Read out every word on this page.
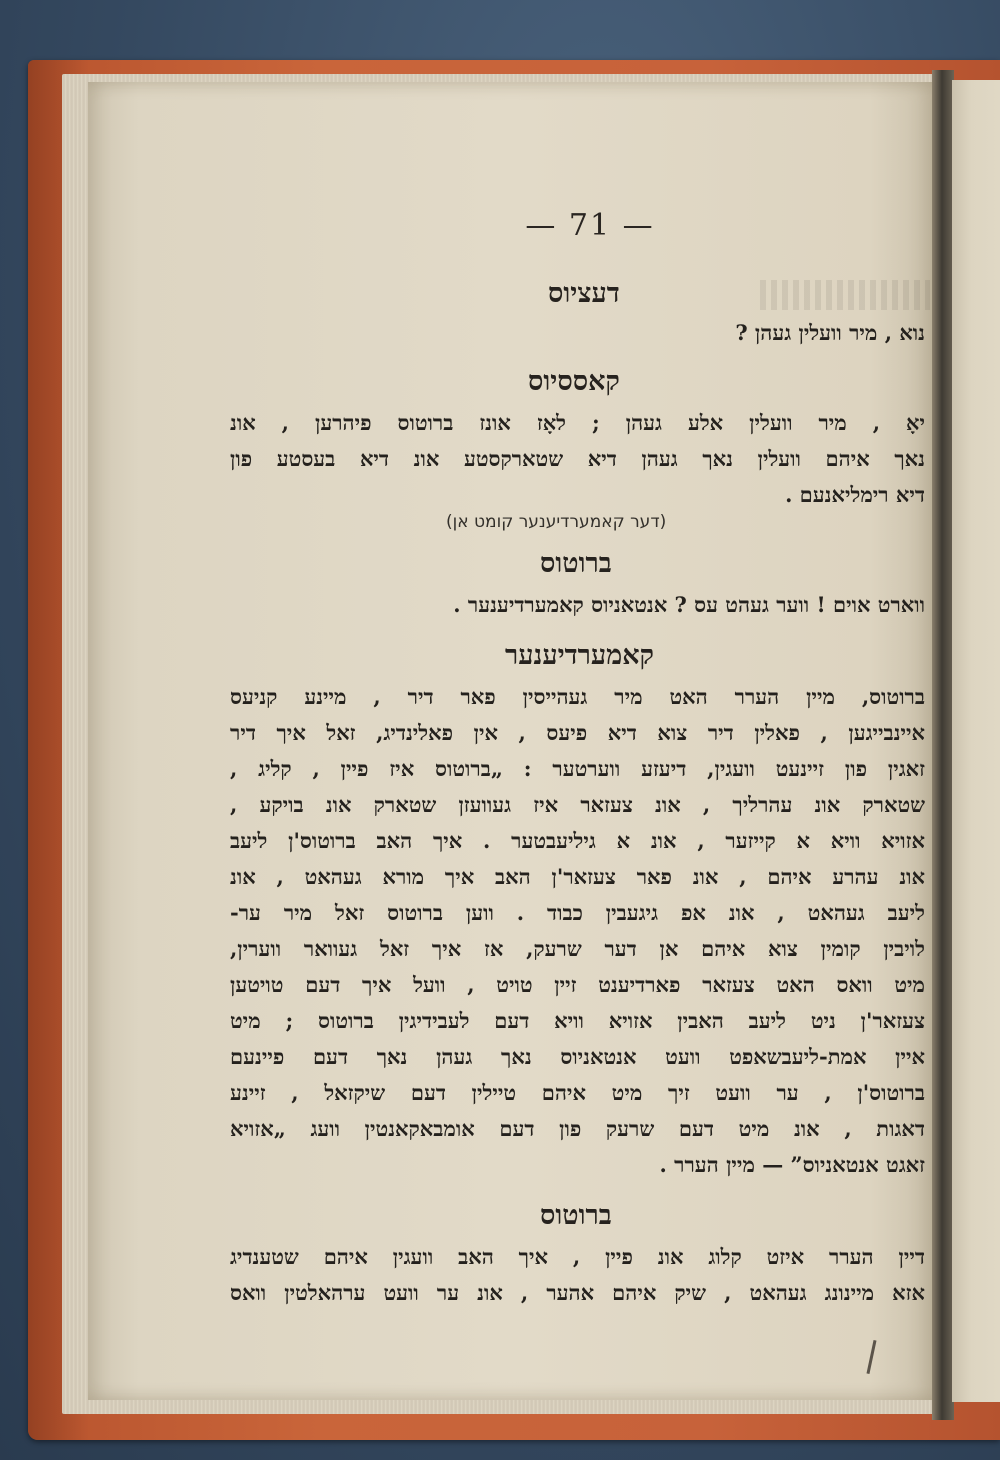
— 71 —
דעציוס
נוא , מיר וועלין געהן ?
קאססיוס
יאָ , מיר וועלין אלע געהן ; לאָז אונז ברוטוס פיהרען , אונ
נאך איהם וועלין נאך געהן דיא שטארקסטע אונ דיא בעסטע פון
דיא רימליאנעם .
(דער קאמערדיענער קומט אן)
ברוטוס
ווארט אוים ! ווער געהט עס ? אנטאניוס קאמערדיענער .
קאמערדיענער
ברוטוס, מיין הערר האט מיר געהייסין פאר דיר , מיינע קניעס
איינבייגען , פאלין דיר צוא דיא פיעס , אין פאלינדיג, זאל איך דיר
זאגין פון זיינעט וועגין, דיעזע ווערטער : „ברוטוס איז פיין , קליג ,
שטארק אונ עהרליך , אונ צעזאר איז געוועזן שטארק אונ בויקע ,
אזויא וויא א קייזער , אונ א גיליעבטער . איך האב ברוטוס'ן ליעב
אונ עהרע איהם , אונ פאר צעזאר'ן האב איך מורא געהאט , אונ
ליעב געהאט , אונ אפ גיגעבין כבוד . ווען ברוטוס זאל מיר ער-
לויבין קומין צוא איהם אן דער שרעק, אז איך זאל געוואר ווערין,
מיט וואס האט צעזאר פארדיענט זיין טויט , וועל איך דעם טויטען
צעזאר'ן ניט ליעב האבין אזויא וויא דעם לעבידיגין ברוטוס ; מיט
איין אמת-ליעבשאפט וועט אנטאניוס נאך געהן נאך דעם פיינעם
ברוטוס'ן , ער וועט זיך מיט איהם טיילין דעם שיקזאל , זיינע
דאגות , אונ מיט דעם שרעק פון דעם אומבאקאנטין וועג „אזויא
זאגט אנטאניוס” — מיין הערר .
ברוטוס
דיין הערר איזט קלוג אונ פיין , איך האב וועגין איהם שטענדיג
אזא מיינונג געהאט , שיק איהם אהער , אונ ער וועט ערהאלטין וואס
